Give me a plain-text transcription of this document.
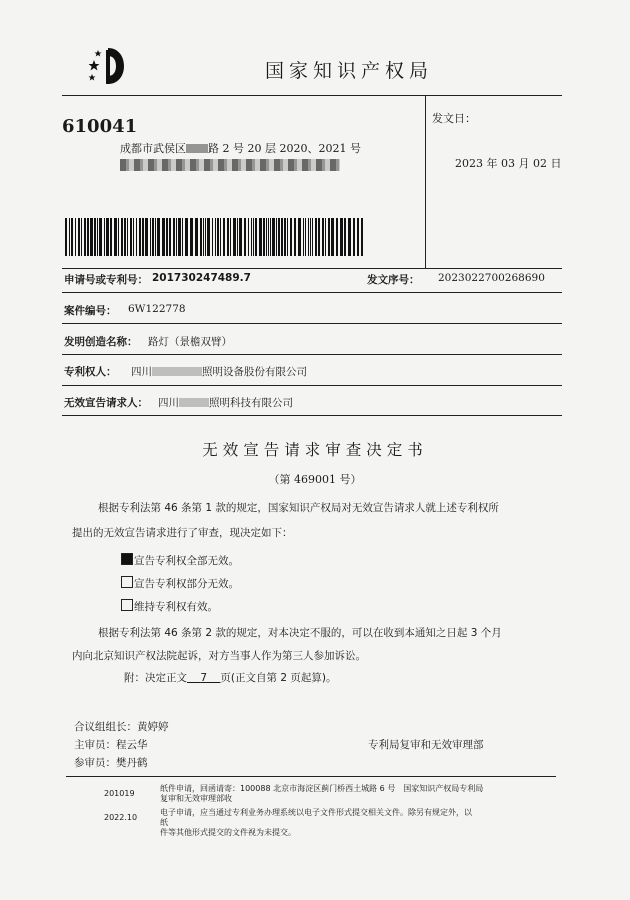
国家知识产权局
610041
成都市武侯区 路 2 号 20 层 2020、2021 号
发文日：
2023 年 03 月 02 日
申请号或专利号： 201730247489.7	发文序号： 2023022700268690
案件编号： 6W122778
发明创造名称： 路灯（景檐双臂）
专利权人： 四川	照明设备股份有限公司
无效宣告请求人： 四川	照明科技有限公司
无效宣告请求审查决定书
（第 469001 号）
根据专利法第 46 条第 1 款的规定，国家知识产权局对无效宣告请求人就上述专利权所
提出的无效宣告请求进行了审查，现决定如下：
宣告专利权全部无效。
宣告专利权部分无效。
维持专利权有效。
根据专利法第 46 条第 2 款的规定，对本决定不服的，可以在收到本通知之日起 3 个月
内向北京知识产权法院起诉，对方当事人作为第三人参加诉讼。
附：决定正文 7 页(正文自第 2 页起算)。
合议组组长：黄婷婷
主审员：程云华
参审员：樊丹鹤
专利局复审和无效审理部
201019
纸件申请，回函请寄：100088 北京市海淀区蓟门桥西土城路 6 号　国家知识产权局专利局
复审和无效审理部收
2022.10
电子申请，应当通过专利业务办理系统以电子文件形式提交相关文件。除另有规定外，以
纸
件等其他形式提交的文件视为未提交。
